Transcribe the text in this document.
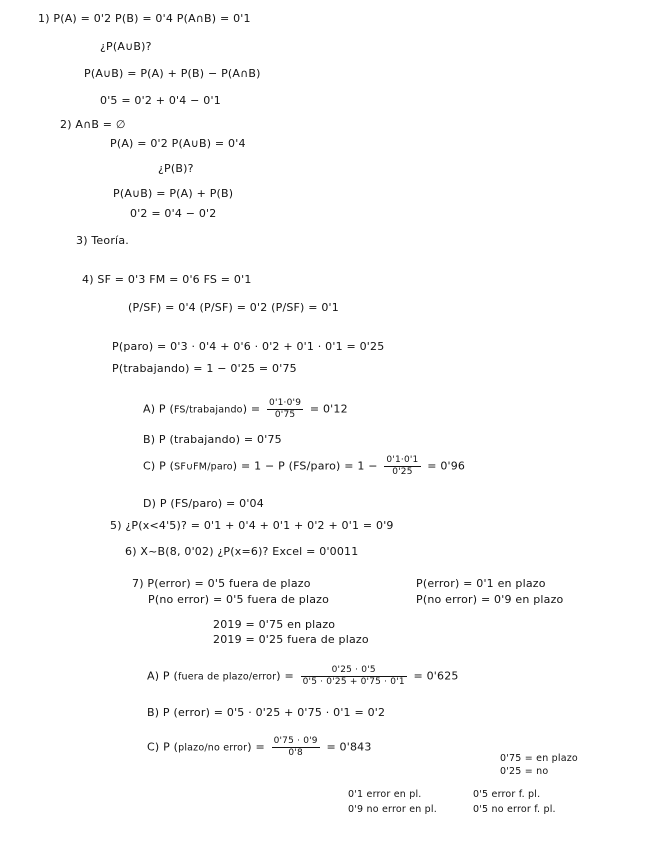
1) P(A) = 0'2 P(B) = 0'4 P(A∩B) = 0'1
¿P(A∪B)?
P(A∪B) = P(A) + P(B) − P(A∩B)
0'5 = 0'2 + 0'4 − 0'1
2) A∩B = ∅
P(A) = 0'2 P(A∪B) = 0'4
¿P(B)?
P(A∪B) = P(A) + P(B)
0'2 = 0'4 − 0'2
3) Teoría.
4) SF = 0'3 FM = 0'6 FS = 0'1
(P/SF) = 0'4 (P/SF) = 0'2 (P/SF) = 0'1
P(paro) = 0'3 · 0'4 + 0'6 · 0'2 + 0'1 · 0'1 = 0'25
P(trabajando) = 1 − 0'25 = 0'75
A) P (FS/trabajando) = $\frac{0'1\cdot 0'9}{0'75} = 0'12$
B) P (trabajando) = 0'75
C) P (SF∪FM/paro) = 1 − P (FS/paro) = $1 - \frac{0'1\cdot 0'1}{0'25} = 0'96$
D) P (FS/paro) = 0'04
5) ¿P(x<4'5)? = 0'1 + 0'4 + 0'1 + 0'2 + 0'1 = 0'9
6) X~B(8, 0'02) ¿P(x=6)? Excel = 0'0011
7) P(error) = 0'5 fuera de plazo	P(error) = 0'1 en plazo
P(no error) = 0'5 fuera de plazo	P(no error) = 0'9 en plazo
2019 = 0'75 en plazo
2019 = 0'25 fuera de plazo
A) P (fuera de plazo/error) = $\frac{0'25 \cdot 0'5}{0'5 \cdot 0'25 + 0'75 \cdot 0'1} = 0'625$
B) P (error) = 0'5 · 0'25 + 0'75 · 0'1 = 0'2
C) P (plazo/no error) = $\frac{0'75 \cdot 0'9}{0'8} = 0'843$
0'75 = en plazo
0'25 = no
0'1 error en pl.	0'5 error f. pl.
0'9 no error en pl.	0'5 no error f. pl.
